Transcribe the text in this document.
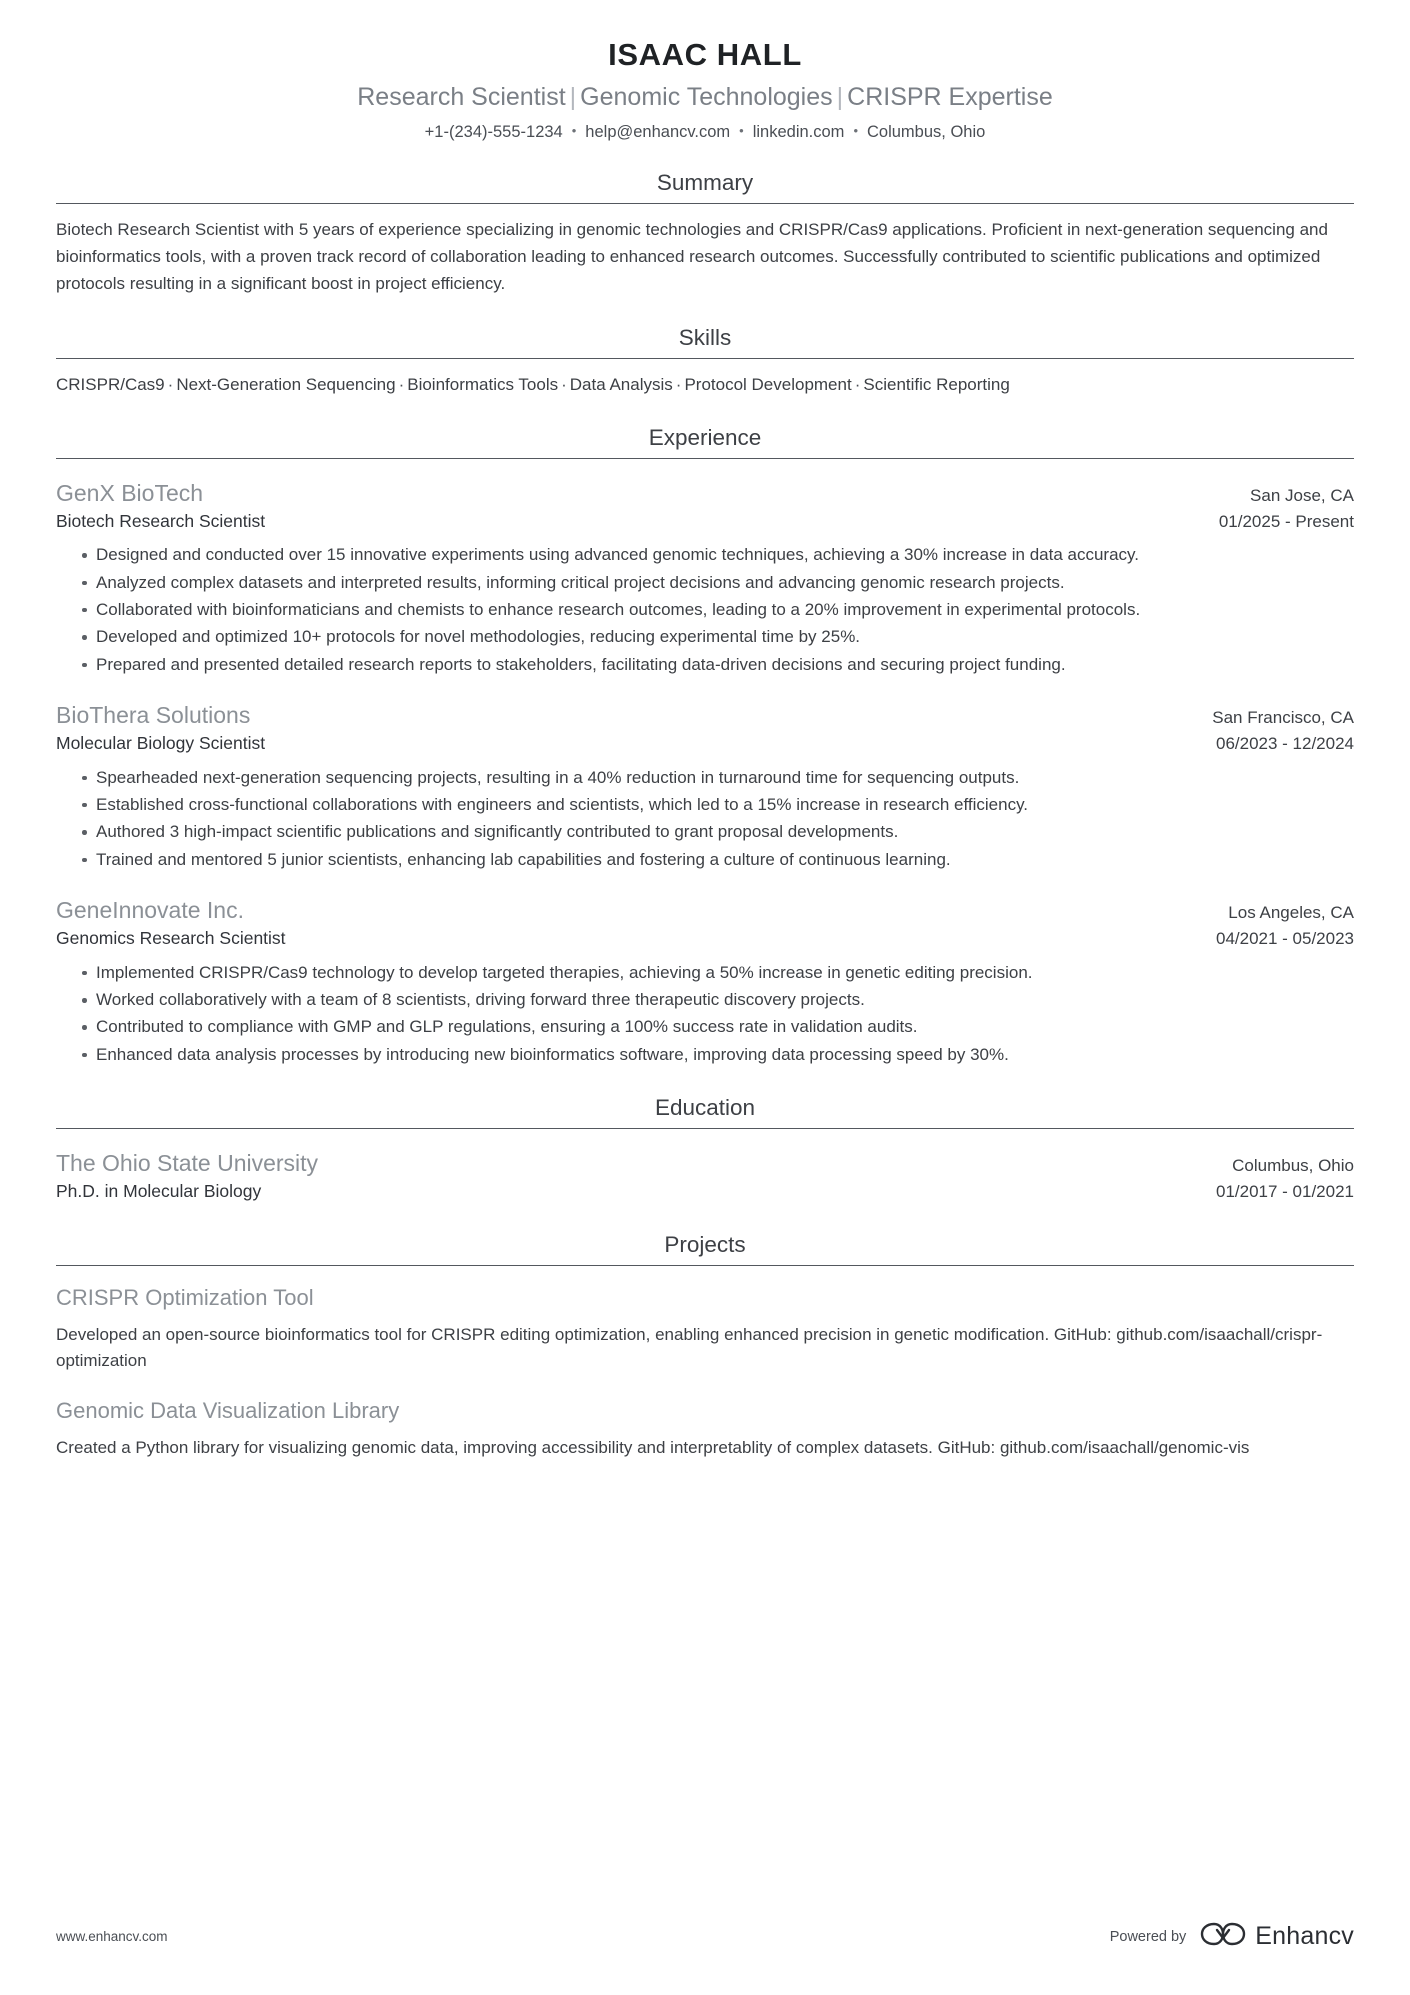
ISAAC HALL
Research Scientist | Genomic Technologies | CRISPR Expertise
+1-(234)-555-1234 • help@enhancv.com • linkedin.com • Columbus, Ohio
Summary
Biotech Research Scientist with 5 years of experience specializing in genomic technologies and CRISPR/Cas9 applications. Proficient in next-generation sequencing and bioinformatics tools, with a proven track record of collaboration leading to enhanced research outcomes. Successfully contributed to scientific publications and optimized protocols resulting in a significant boost in project efficiency.
Skills
CRISPR/Cas9 · Next-Generation Sequencing · Bioinformatics Tools · Data Analysis · Protocol Development · Scientific Reporting
Experience
GenX BioTech	San Jose, CA
Biotech Research Scientist	01/2025 - Present
Designed and conducted over 15 innovative experiments using advanced genomic techniques, achieving a 30% increase in data accuracy.
Analyzed complex datasets and interpreted results, informing critical project decisions and advancing genomic research projects.
Collaborated with bioinformaticians and chemists to enhance research outcomes, leading to a 20% improvement in experimental protocols.
Developed and optimized 10+ protocols for novel methodologies, reducing experimental time by 25%.
Prepared and presented detailed research reports to stakeholders, facilitating data-driven decisions and securing project funding.
BioThera Solutions	San Francisco, CA
Molecular Biology Scientist	06/2023 - 12/2024
Spearheaded next-generation sequencing projects, resulting in a 40% reduction in turnaround time for sequencing outputs.
Established cross-functional collaborations with engineers and scientists, which led to a 15% increase in research efficiency.
Authored 3 high-impact scientific publications and significantly contributed to grant proposal developments.
Trained and mentored 5 junior scientists, enhancing lab capabilities and fostering a culture of continuous learning.
GeneInnovate Inc.	Los Angeles, CA
Genomics Research Scientist	04/2021 - 05/2023
Implemented CRISPR/Cas9 technology to develop targeted therapies, achieving a 50% increase in genetic editing precision.
Worked collaboratively with a team of 8 scientists, driving forward three therapeutic discovery projects.
Contributed to compliance with GMP and GLP regulations, ensuring a 100% success rate in validation audits.
Enhanced data analysis processes by introducing new bioinformatics software, improving data processing speed by 30%.
Education
The Ohio State University	Columbus, Ohio
Ph.D. in Molecular Biology	01/2017 - 01/2021
Projects
CRISPR Optimization Tool
Developed an open-source bioinformatics tool for CRISPR editing optimization, enabling enhanced precision in genetic modification. GitHub: github.com/isaachall/crispr-optimization
Genomic Data Visualization Library
Created a Python library for visualizing genomic data, improving accessibility and interpretablity of complex datasets. GitHub: github.com/isaachall/genomic-vis
www.enhancv.com	Powered by	Enhancv
